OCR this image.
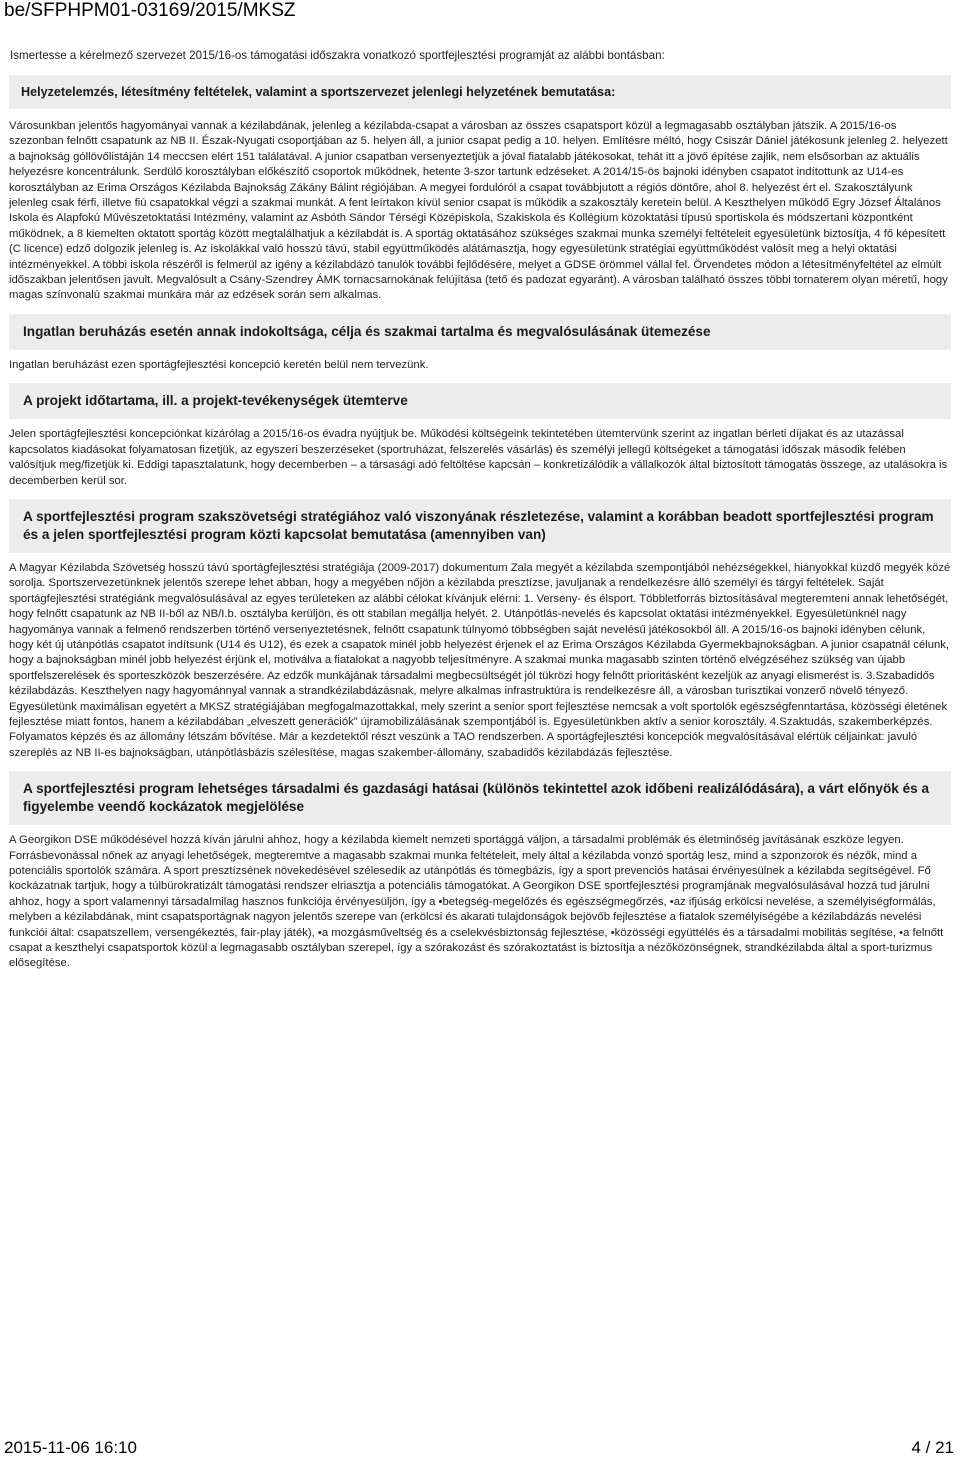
be/SFPHPM01-03169/2015/MKSZ

Ismertesse a kérelmező szervezet 2015/16-os támogatási időszakra vonatkozó sportfejlesztési programját az alábbi bontásban:

Helyzetelemzés, létesítmény feltételek, valamint a sportszervezet jelenlegi helyzetének bemutatása:

Városunkban jelentős hagyományai vannak a kézilabdának, jelenleg a kézilabda-csapat a városban az összes csapatsport közül a legmagasabb osztályban játszik. A 2015/16-os szezonban felnőtt csapatunk az NB II. Észak-Nyugati csoportjában az 5. helyen áll, a junior csapat pedig a 10. helyen. Említésre méltó, hogy Csiszár Dániel játékosunk jelenleg 2. helyezett a bajnokság góllövőlistáján 14 meccsen elért 151 találatával. A junior csapatban versenyeztetjük a jóval fiatalabb játékosokat, tehát itt a jövő építése zajlik, nem elsősorban az aktuális helyezésre koncentrálunk. Serdülő korosztályban előkészítő csoportok működnek, hetente 3-szor tartunk edzéseket. A 2014/15-ös bajnoki idényben csapatot indítottunk az U14-es korosztályban az Erima Országos Kézilabda Bajnokság Zákány Bálint régiójában. A megyei fordulóról a csapat továbbjutott a régiós döntőre, ahol 8. helyezést ért el. Szakosztályunk jelenleg csak férfi, illetve fiú csapatokkal végzi a szakmai munkát. A fent leírtakon kívül senior csapat is működik a szakosztály keretein belül. A Keszthelyen működő Egry József Általános Iskola és Alapfokú Művészetoktatási Intézmény, valamint az Asbóth Sándor Térségi Középiskola, Szakiskola és Kollégium közoktatási típusú sportiskola és módszertani központként működnek, a 8 kiemelten oktatott sportág között megtalálhatjuk a kézilabdát is. A sportág oktatásához szükséges szakmai munka személyi feltételeit egyesületünk biztosítja, 4 fő képesített (C licence) edző dolgozik jelenleg is. Az iskolákkal való hosszú távú, stabil együttműködés alátámasztja, hogy egyesületünk stratégiai együttműködést valósít meg a helyi oktatási intézményekkel. A többi iskola részéről is felmerül az igény a kézilabdázó tanulók további fejlődésére, melyet a GDSE örömmel vállal fel. Örvendetes módon a létesítményfeltétel az elmúlt időszakban jelentősen javult. Megvalósult a Csány-Szendrey ÁMK tornacsarnokának felújítása (tető és padozat egyaránt). A városban található összes többi tornaterem olyan méretű, hogy magas színvonalú szakmai munkára már az edzések során sem alkalmas.

Ingatlan beruházás esetén annak indokoltsága, célja és szakmai tartalma és megvalósulásának ütemezése

Ingatlan beruházást ezen sportágfejlesztési koncepció keretén belül nem tervezünk.

A projekt időtartama, ill. a projekt-tevékenységek ütemterve

Jelen sportágfejlesztési koncepciónkat kizárólag a 2015/16-os évadra nyújtjuk be. Működési költségeink tekintetében ütemtervünk szerint az ingatlan bérleti díjakat és az utazással kapcsolatos kiadásokat folyamatosan fizetjük, az egyszeri beszerzéseket (sportruházat, felszerelés vásárlás) és személyi jellegű költségeket a támogatási időszak második felében valósítjuk meg/fizetjük ki. Eddigi tapasztalatunk, hogy decemberben – a társasági adó feltöltése kapcsán – konkretizálódik a vállalkozók által biztosított támogatás összege, az utalásokra is decemberben kerül sor.

A sportfejlesztési program szakszövetségi stratégiához való viszonyának részletezése, valamint a korábban beadott sportfejlesztési program és a jelen sportfejlesztési program közti kapcsolat bemutatása (amennyiben van)

A Magyar Kézilabda Szövetség hosszú távú sportágfejlesztési stratégiája (2009-2017) dokumentum Zala megyét a kézilabda szempontjából nehézségekkel, hiányokkal küzdő megyék közé sorolja. Sportszervezetünknek jelentős szerepe lehet abban, hogy a megyében nőjön a kézilabda presztízse, javuljanak a rendelkezésre álló személyi és tárgyi feltételek. Saját sportágfejlesztési stratégiánk megvalósulásával az egyes területeken az alábbi célokat kívánjuk elérni: 1. Verseny- és élsport. Többletforrás biztosításával megteremteni annak lehetőségét, hogy felnőtt csapatunk az NB II-ből az NB/I.b. osztályba kerüljön, és ott stabilan megállja helyét. 2. Utánpótlás-nevelés és kapcsolat oktatási intézményekkel. Egyesületünknél nagy hagyománya vannak a felmenő rendszerben történő versenyeztetésnek, felnőtt csapatunk túlnyomó többségben saját nevelésű játékosokból áll. A 2015/16-os bajnoki idényben célunk, hogy két új utánpótlás csapatot indítsunk (U14 és U12), és ezek a csapatok minél jobb helyezést érjenek el az Erima Országos Kézilabda Gyermekbajnokságban. A junior csapatnál célunk, hogy a bajnokságban minél jobb helyezést érjünk el, motiválva a fiatalokat a nagyobb teljesítményre. A szakmai munka magasabb szinten történő elvégzéséhez szükség van újabb sportfelszerelések és sporteszközök beszerzésére. Az edzők munkájának társadalmi megbecsültségét jól tükrözi hogy felnőtt prioritásként kezeljük az anyagi elismerést is. 3.Szabadidős kézilabdázás. Keszthelyen nagy hagyománnyal vannak a strandkézilabdázásnak, melyre alkalmas infrastruktúra is rendelkezésre áll, a városban turisztikai vonzerő növelő tényező. Egyesületünk maximálisan egyetért a MKSZ stratégiájában megfogalmazottakkal, mely szerint a senior sport fejlesztése nemcsak a volt sportolók egészségfenntartása, közösségi életének fejlesztése miatt fontos, hanem a kézilabdában „elveszett generációk” újramobilizálásának szempontjából is. Egyesületünkben aktív a senior korosztály. 4.Szaktudás, szakemberképzés. Folyamatos képzés és az állomány létszám bővítése. Már a kezdetektől részt veszünk a TAO rendszerben. A sportágfejlesztési koncepciók megvalósításával elértük céljainkat: javuló szereplés az NB II-es bajnokságban, utánpótlásbázis szélesítése, magas szakember-állomány, szabadidős kézilabdázás fejlesztése.

A sportfejlesztési program lehetséges társadalmi és gazdasági hatásai (különös tekintettel azok időbeni realizálódására), a várt előnyök és a figyelembe veendő kockázatok megjelölése

A Georgikon DSE működésével hozzá kíván járulni ahhoz, hogy a kézilabda kiemelt nemzeti sportággá váljon, a társadalmi problémák és életminőség javításának eszköze legyen. Forrásbevonással nőnek az anyagi lehetőségek, megteremtve a magasabb szakmai munka feltételeit, mely által a kézilabda vonzó sportág lesz, mind a szponzorok és nézők, mind a potenciális sportolók számára. A sport presztízsének növekedésével szélesedik az utánpótlás és tömegbázis, így a sport prevenciós hatásai érvényesülnek a kézilabda segítségével. Fő kockázatnak tartjuk, hogy a túlbürokratizált támogatási rendszer elriasztja a potenciális támogatókat. A Georgikon DSE sportfejlesztési programjának megvalósulásával hozzá tud járulni ahhoz, hogy a sport valamennyi társadalmilag hasznos funkciója érvényesüljön, így a •betegség-megelőzés és egészségmegőrzés, •az ifjúság erkölcsi nevelése, a személyiségformálás, melyben a kézilabdának, mint csapatsportágnak nagyon jelentős szerepe van (erkölcsi és akarati tulajdonságok bejövőb fejlesztése a fiatalok személyiségébe a kézilabdázás nevelési funkciói által: csapatszellem, versengékeztés, fair-play játék), •a mozgásműveltség és a cselekvésbiztonság fejlesztése, •közösségi együttélés és a társadalmi mobilitás segítése, •a felnőtt csapat a keszthelyi csapatsportok közül a legmagasabb osztályban szerepel, így a szórakozást és szórakoztatást is biztosítja a nézőközönségnek, strandkézilabda által a sport-turizmus elősegítése.

2015-11-06 16:10	4 / 21
